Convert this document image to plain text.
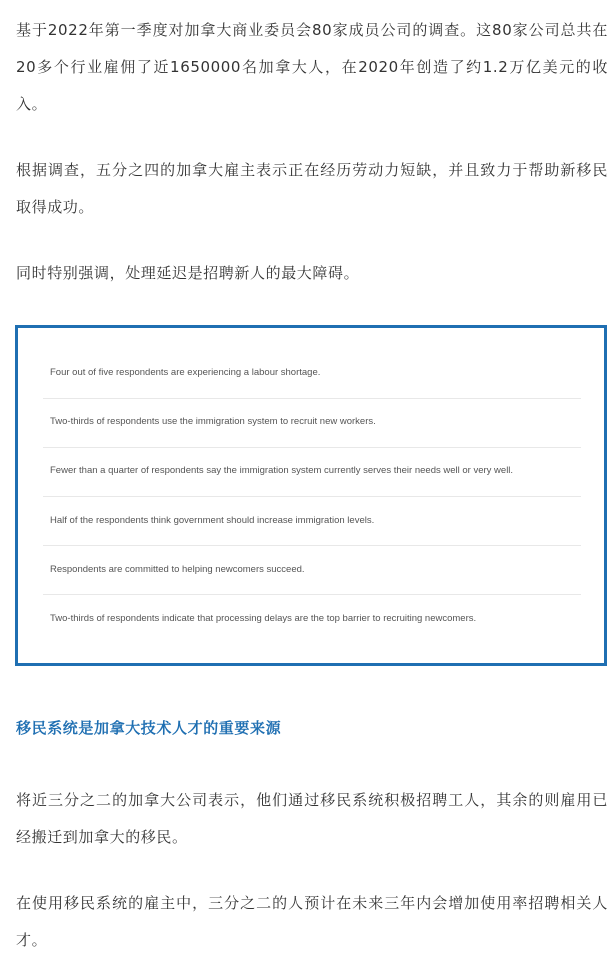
基于2022年第一季度对加拿大商业委员会80家成员公司的调查。这80家公司总共在20多个行业雇佣了近1650000名加拿大人，在2020年创造了约1.2万亿美元的收入。

根据调查，五分之四的加拿大雇主表示正在经历劳动力短缺，并且致力于帮助新移民取得成功。

同时特别强调，处理延迟是招聘新人的最大障碍。

Four out of five respondents are experiencing a labour shortage.
Two-thirds of respondents use the immigration system to recruit new workers.
Fewer than a quarter of respondents say the immigration system currently serves their needs well or very well.
Half of the respondents think government should increase immigration levels.
Respondents are committed to helping newcomers succeed.
Two-thirds of respondents indicate that processing delays are the top barrier to recruiting newcomers.

移民系统是加拿大技术人才的重要来源

将近三分之二的加拿大公司表示，他们通过移民系统积极招聘工人，其余的则雇用已经搬迁到加拿大的移民。

在使用移民系统的雇主中，三分之二的人预计在未来三年内会增加使用率招聘相关人才。
